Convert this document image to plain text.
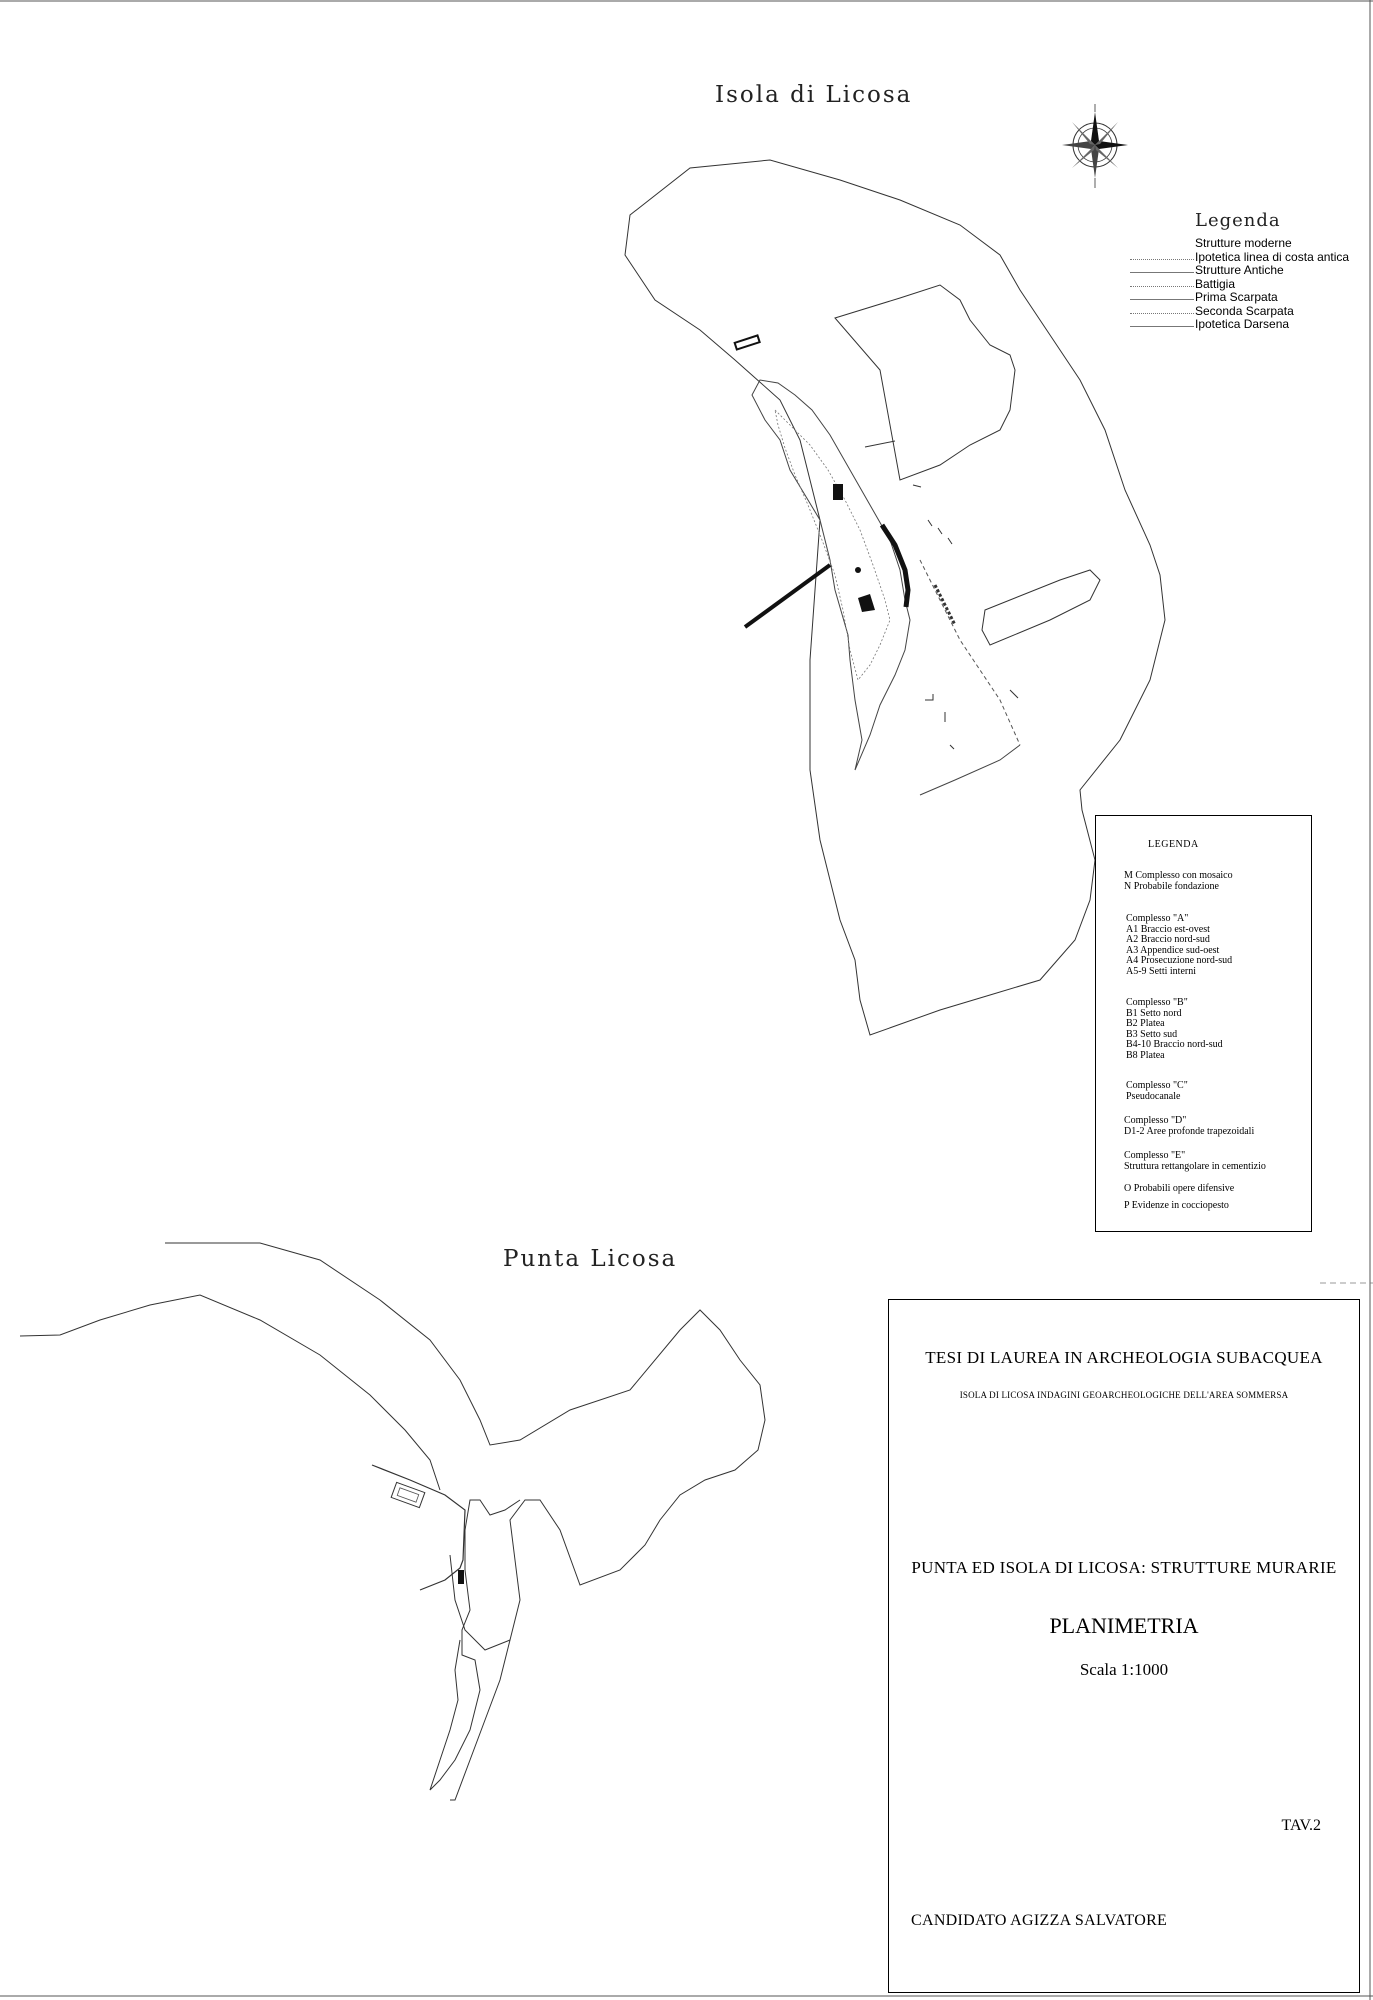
Isola di Licosa
Punta Licosa
Legenda
Strutture moderne
Ipotetica linea di costa antica
Strutture Antiche
Battigia
Prima Scarpata
Seconda Scarpata
Ipotetica Darsena
LEGENDA
M Complesso con mosaico
N Probabile fondazione
Complesso "A"
A1 Braccio est-ovest
A2 Braccio nord-sud
A3 Appendice sud-oest
A4 Prosecuzione nord-sud
A5-9 Setti interni
Complesso "B"
B1 Setto nord
B2 Platea
B3 Setto sud
B4-10 Braccio nord-sud
B8 Platea
Complesso "C"
Pseudocanale
Complesso "D"
D1-2 Aree profonde trapezoidali
Complesso "E"
Struttura rettangolare in cementizio
O Probabili opere difensive
P Evidenze in cocciopesto
TESI DI LAUREA IN ARCHEOLOGIA SUBACQUEA
ISOLA DI LICOSA INDAGINI GEOARCHEOLOGICHE DELL'AREA SOMMERSA
PUNTA ED ISOLA DI LICOSA: STRUTTURE MURARIE
PLANIMETRIA
Scala 1:1000
TAV.2
CANDIDATO AGIZZA SALVATORE
